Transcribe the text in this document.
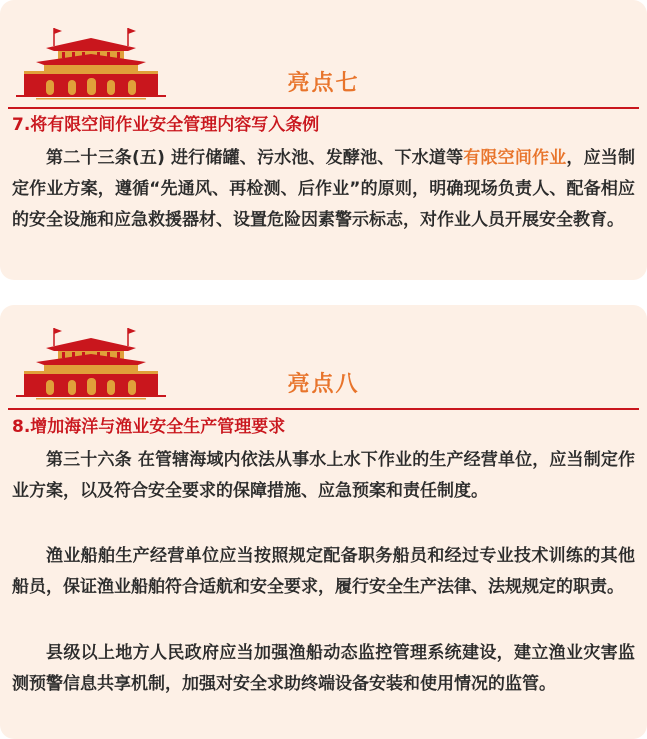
亮点七
7.将有限空间作业安全管理内容写入条例

第二十三条(五) 进行储罐、污水池、发酵池、下水道等有限空间作业，应当制定作业方案，遵循“先通风、再检测、后作业”的原则，明确现场负责人、配备相应的安全设施和应急救援器材、设置危险因素警示标志，对作业人员开展安全教育。

亮点八
8.增加海洋与渔业安全生产管理要求

第三十六条 在管辖海域内依法从事水上水下作业的生产经营单位，应当制定作业方案，以及符合安全要求的保障措施、应急预案和责任制度。

渔业船舶生产经营单位应当按照规定配备职务船员和经过专业技术训练的其他船员，保证渔业船舶符合适航和安全要求，履行安全生产法律、法规规定的职责。

县级以上地方人民政府应当加强渔船动态监控管理系统建设，建立渔业灾害监测预警信息共享机制，加强对安全求助终端设备安装和使用情况的监管。
